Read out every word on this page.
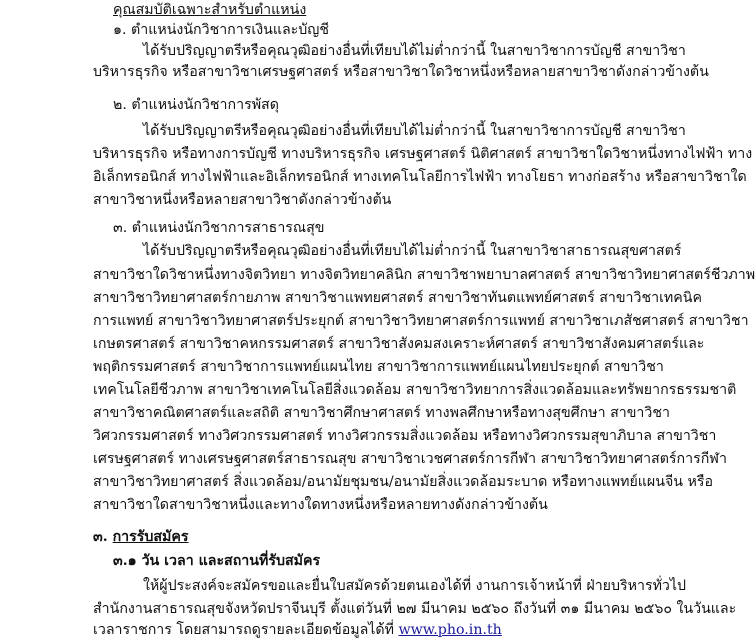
คุณสมบัติเฉพาะสำหรับตำแหน่ง
๑. ตำแหน่งนักวิชาการเงินและบัญชี
ได้รับปริญญาตรีหรือคุณวุฒิอย่างอื่นที่เทียบได้ไม่ต่ำกว่านี้ ในสาขาวิชาการบัญชี สาขาวิชา
บริหารธุรกิจ หรือสาขาวิชาเศรษฐศาสตร์ หรือสาขาวิชาใดวิชาหนึ่งหรือหลายสาขาวิชาดังกล่าวข้างต้น
๒. ตำแหน่งนักวิชาการพัสดุ
ได้รับปริญญาตรีหรือคุณวุฒิอย่างอื่นที่เทียบได้ไม่ต่ำกว่านี้ ในสาขาวิชาการบัญชี สาขาวิชา
บริหารธุรกิจ หรือทางการบัญชี ทางบริหารธุรกิจ เศรษฐศาสตร์ นิติศาสตร์ สาขาวิชาใดวิชาหนึ่งทางไฟฟ้า ทาง
อิเล็กทรอนิกส์ ทางไฟฟ้าและอิเล็กทรอนิกส์ ทางเทคโนโลยีการไฟฟ้า ทางโยธา ทางก่อสร้าง หรือสาขาวิชาใด
สาขาวิชาหนึ่งหรือหลายสาขาวิชาดังกล่าวข้างต้น
๓. ตำแหน่งนักวิชาการสาธารณสุข
ได้รับปริญญาตรีหรือคุณวุฒิอย่างอื่นที่เทียบได้ไม่ต่ำกว่านี้ ในสาขาวิชาสาธารณสุขศาสตร์
สาขาวิชาใดวิชาหนึ่งทางจิตวิทยา ทางจิตวิทยาคลินิก สาขาวิชาพยาบาลศาสตร์ สาขาวิชาวิทยาศาสตร์ชีวภาพ
สาขาวิชาวิทยาศาสตร์กายภาพ สาขาวิชาแพทยศาสตร์ สาขาวิชาทันตแพทย์ศาสตร์ สาขาวิชาเทคนิค
การแพทย์ สาขาวิชาวิทยาศาสตร์ประยุกต์ สาขาวิชาวิทยาศาสตร์การแพทย์ สาขาวิชาเภสัชศาสตร์ สาขาวิชา
เกษตรศาสตร์ สาขาวิชาคหกรรมศาสตร์ สาขาวิชาสังคมสงเคราะห์ศาสตร์ สาขาวิชาสังคมศาสตร์และ
พฤติกรรมศาสตร์ สาขาวิชาการแพทย์แผนไทย สาขาวิชาการแพทย์แผนไทยประยุกต์ สาขาวิชา
เทคโนโลยีชีวภาพ สาขาวิชาเทคโนโลยีสิ่งแวดล้อม สาขาวิชาวิทยาการสิ่งแวดล้อมและทรัพยากรธรรมชาติ
สาขาวิชาคณิตศาสตร์และสถิติ สาขาวิชาศึกษาศาสตร์ ทางพลศึกษาหรือทางสุขศึกษา สาขาวิชา
วิศวกรรมศาสตร์ ทางวิศวกรรมศาสตร์ ทางวิศวกรรมสิ่งแวดล้อม หรือทางวิศวกรรมสุขาภิบาล สาขาวิชา
เศรษฐศาสตร์ ทางเศรษฐศาสตร์สาธารณสุข สาขาวิชาเวชศาสตร์การกีฬา สาขาวิชาวิทยาศาสตร์การกีฬา
สาขาวิชาวิทยาศาสตร์ สิ่งแวดล้อม/อนามัยชุมชน/อนามัยสิ่งแวดล้อมระบาด หรือทางแพทย์แผนจีน หรือ
สาขาวิชาใดสาขาวิชาหนึ่งและทางใดทางหนึ่งหรือหลายทางดังกล่าวข้างต้น
๓. การรับสมัคร
๓.๑ วัน เวลา และสถานที่รับสมัคร
ให้ผู้ประสงค์จะสมัครขอและยื่นใบสมัครด้วยตนเองได้ที่ งานการเจ้าหน้าที่ ฝ่ายบริหารทั่วไป
สำนักงานสาธารณสุขจังหวัดปราจีนบุรี ตั้งแต่วันที่ ๒๗ มีนาคม ๒๕๖๐ ถึงวันที่ ๓๑ มีนาคม ๒๕๖๐ ในวันและ
เวลาราชการ โดยสามารถดูรายละเอียดข้อมูลได้ที่ www.pho.in.th
